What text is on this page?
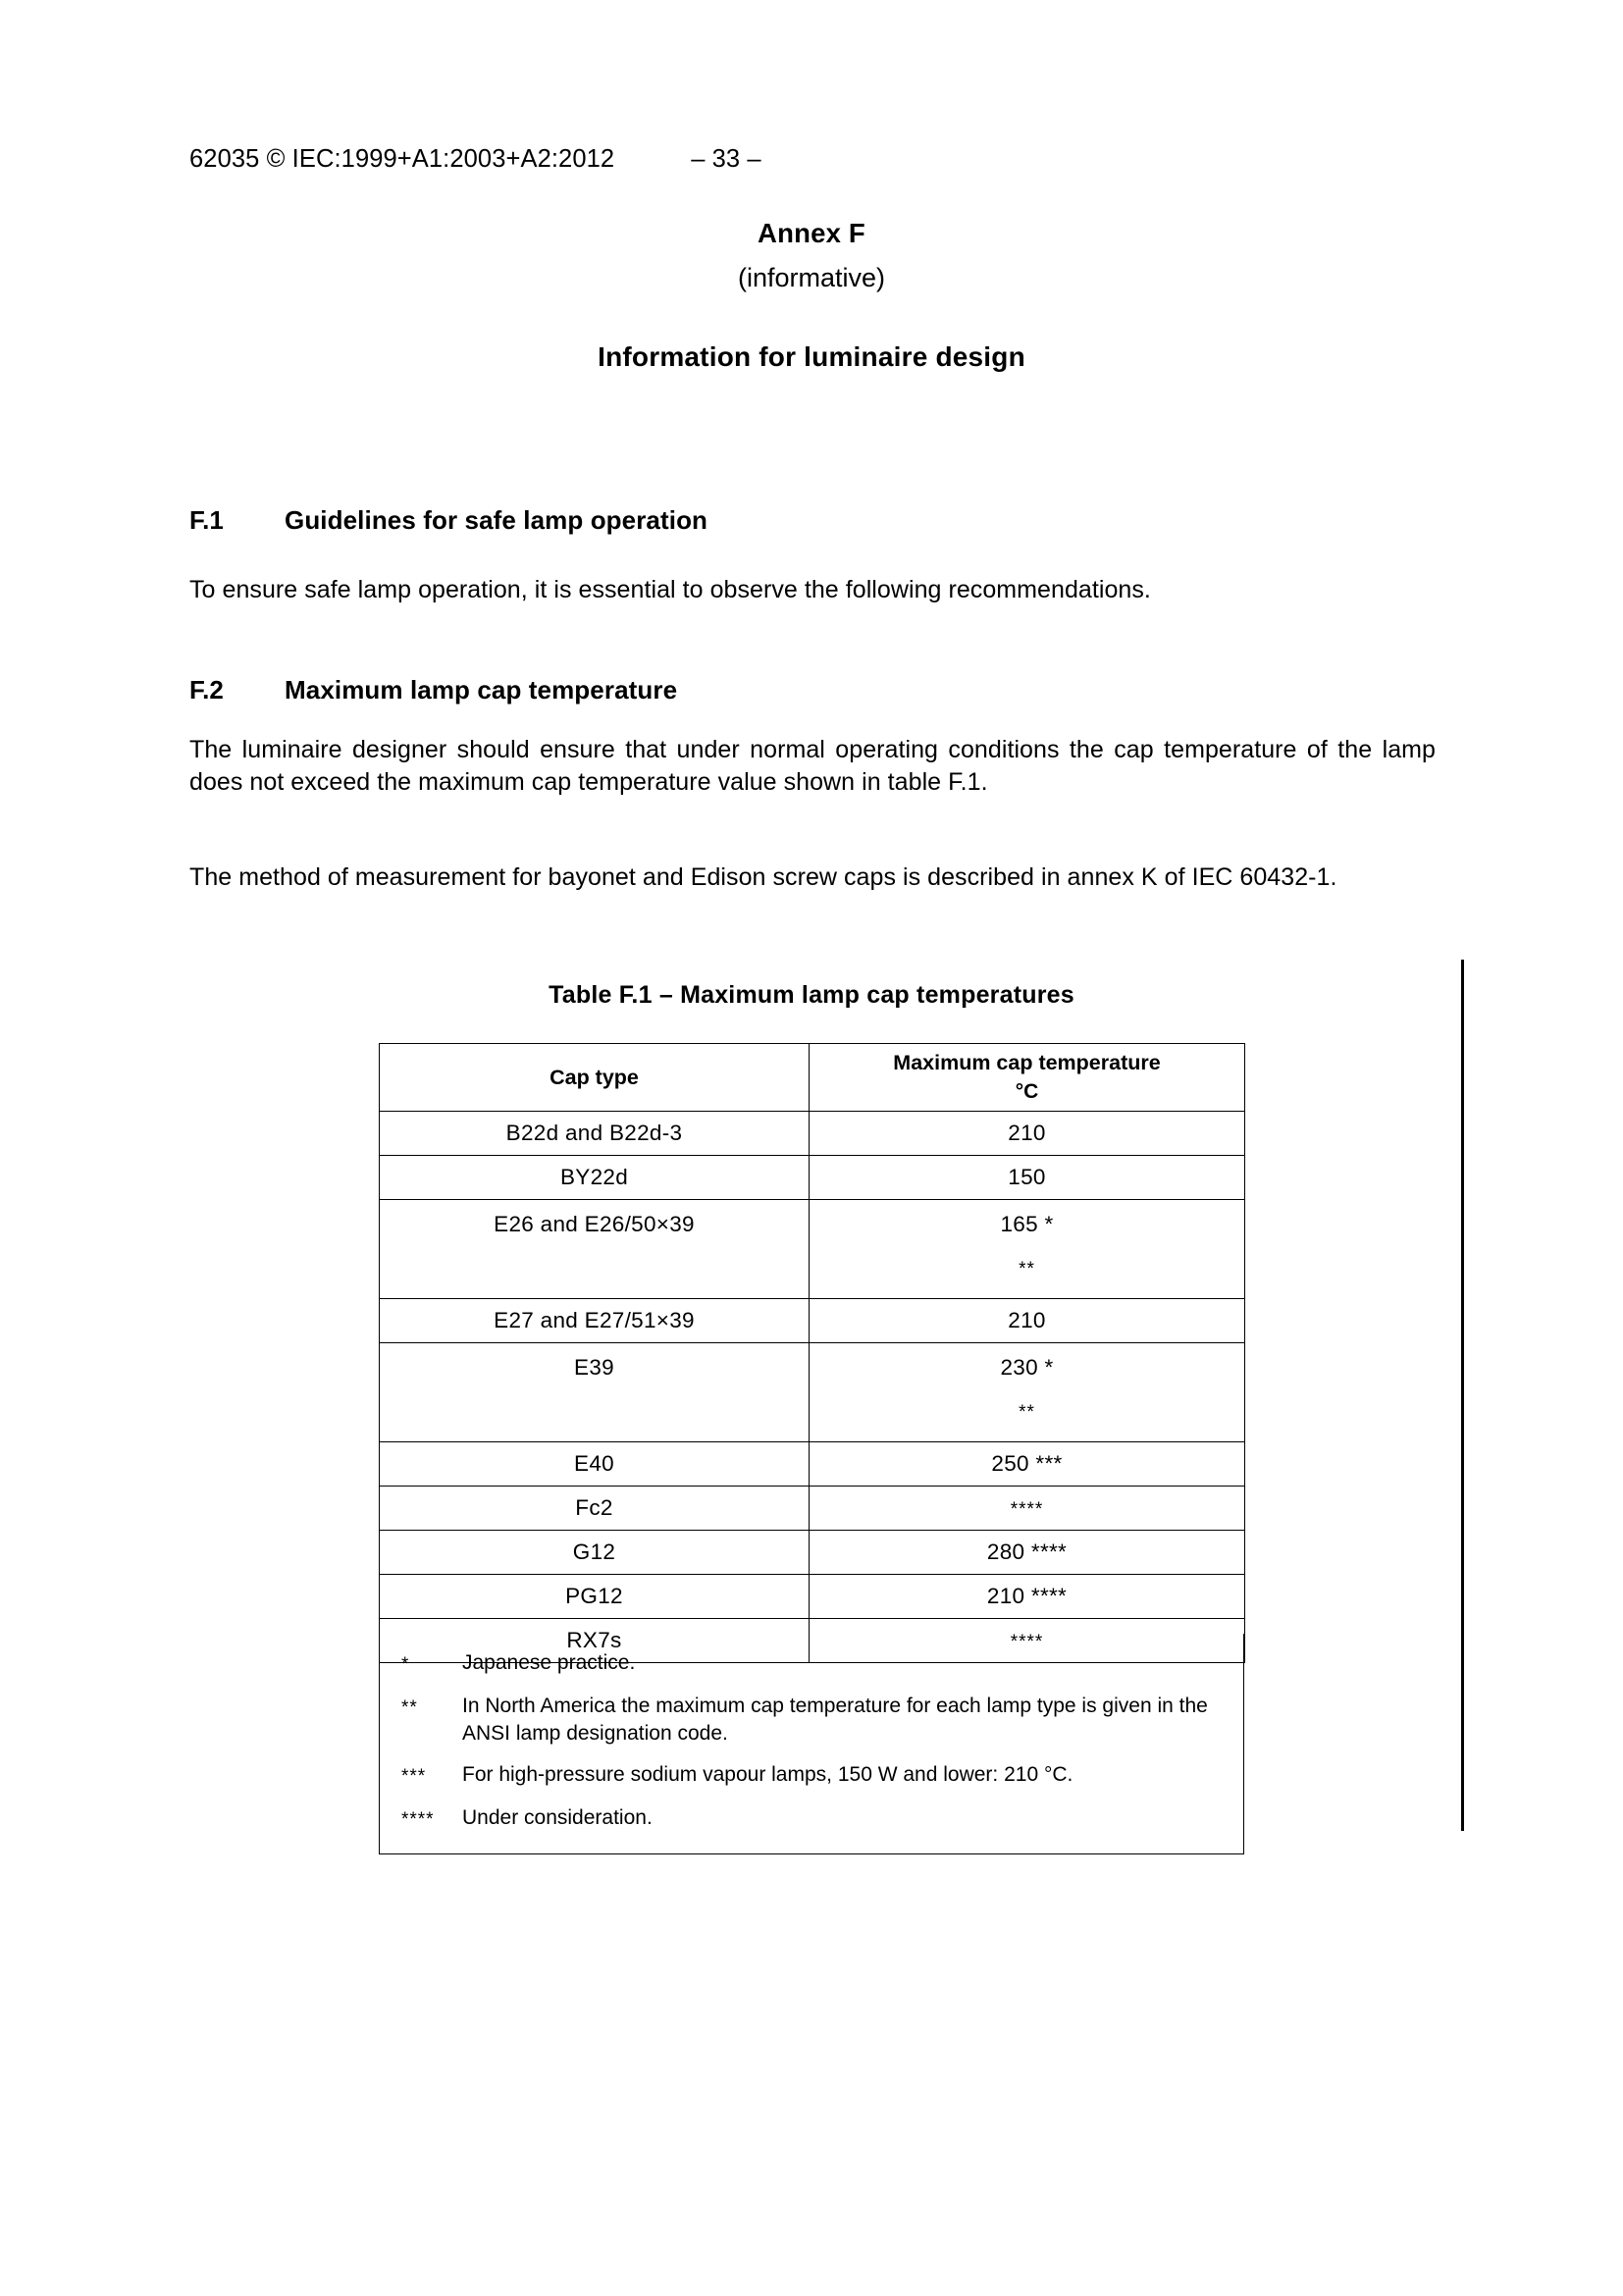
62035 © IEC:1999+A1:2003+A2:2012	– 33 –
Annex F
(informative)
Information for luminaire design
F.1 Guidelines for safe lamp operation
To ensure safe lamp operation, it is essential to observe the following recommendations.
F.2 Maximum lamp cap temperature
The luminaire designer should ensure that under normal operating conditions the cap temperature of the lamp does not exceed the maximum cap temperature value shown in table F.1.
The method of measurement for bayonet and Edison screw caps is described in annex K of IEC 60432-1.
Table F.1 – Maximum lamp cap temperatures
Cap type	Maximum cap temperature
°C
B22d and B22d-3	210
BY22d	150
E26 and E26/50×39	165 *
**

E27 and E27/51×39	210
E39	230 *
**

E40	250 ***
Fc2	****
G12	280 ****
PG12	210 ****
RX7s	****
*	Japanese practice.
**	In North America the maximum cap temperature for each lamp type is given in the ANSI lamp designation code.
***	For high-pressure sodium vapour lamps, 150 W and lower: 210 °C.
****	Under consideration.
